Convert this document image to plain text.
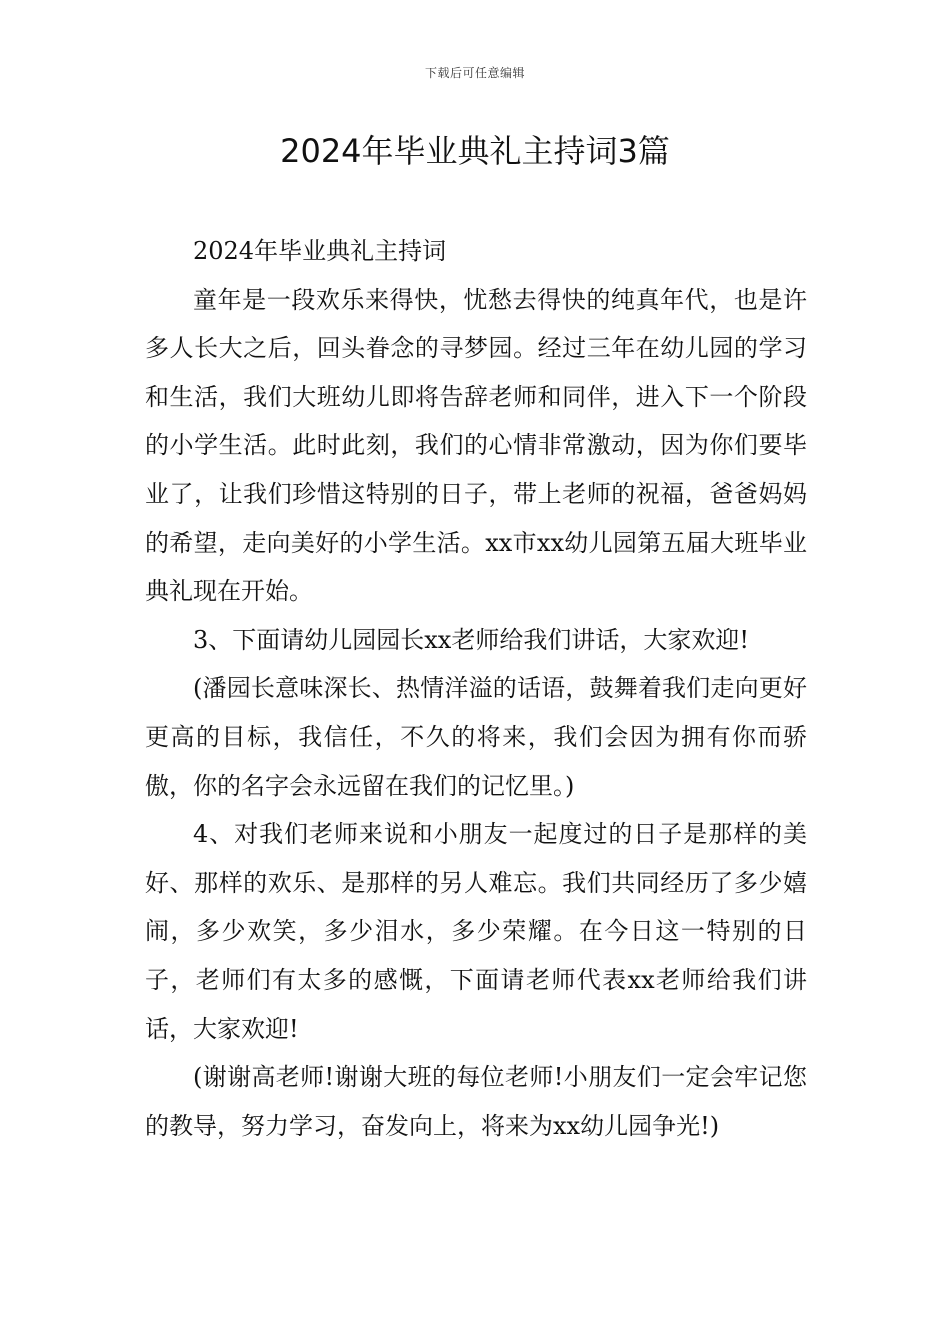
下载后可任意编辑
2024年毕业典礼主持词3篇

2024年毕业典礼主持词

童年是一段欢乐来得快，忧愁去得快的纯真年代，也是许多人长大之后，回头眷念的寻梦园。经过三年在幼儿园的学习和生活，我们大班幼儿即将告辞老师和同伴，进入下一个阶段的小学生活。此时此刻，我们的心情非常激动，因为你们要毕业了，让我们珍惜这特别的日子，带上老师的祝福，爸爸妈妈的希望，走向美好的小学生活。xx市xx幼儿园第五届大班毕业典礼现在开始。

3、下面请幼儿园园长xx老师给我们讲话，大家欢迎!

(潘园长意味深长、热情洋溢的话语，鼓舞着我们走向更好更高的目标，我信任，不久的将来，我们会因为拥有你而骄傲，你的名字会永远留在我们的记忆里。)

4、对我们老师来说和小朋友一起度过的日子是那样的美好、那样的欢乐、是那样的另人难忘。我们共同经历了多少嬉闹，多少欢笑，多少泪水，多少荣耀。在今日这一特别的日子，老师们有太多的感慨，下面请老师代表xx老师给我们讲话，大家欢迎!

(谢谢高老师!谢谢大班的每位老师!小朋友们一定会牢记您的教导，努力学习，奋发向上，将来为xx幼儿园争光!)
